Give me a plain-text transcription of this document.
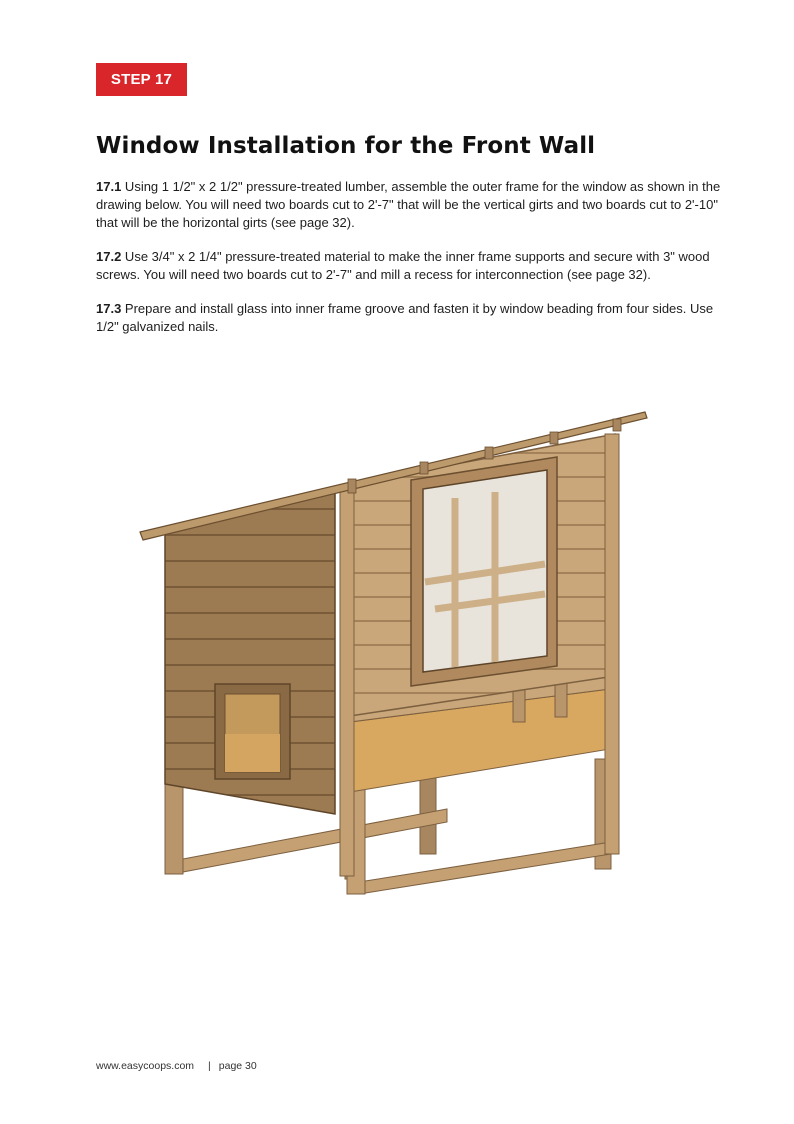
STEP 17
Window Installation for the Front Wall

17.1 Using 1 1/2" x 2 1/2" pressure-treated lumber, assemble the outer frame for the window as shown in the drawing below. You will need two boards cut to 2'-7" that will be the vertical girts and two boards cut to 2'-10" that will be the horizontal girts (see page 32).

17.2 Use 3/4" x 2 1/4" pressure-treated material to make the inner frame supports and secure with 3" wood screws. You will need two boards cut to 2'-7" and mill a recess for interconnection (see page 32).

17.3 Prepare and install glass into inner frame groove and fasten it by window beading from four sides. Use 1/2" galvanized nails.

www.easycoops.com | page 30
